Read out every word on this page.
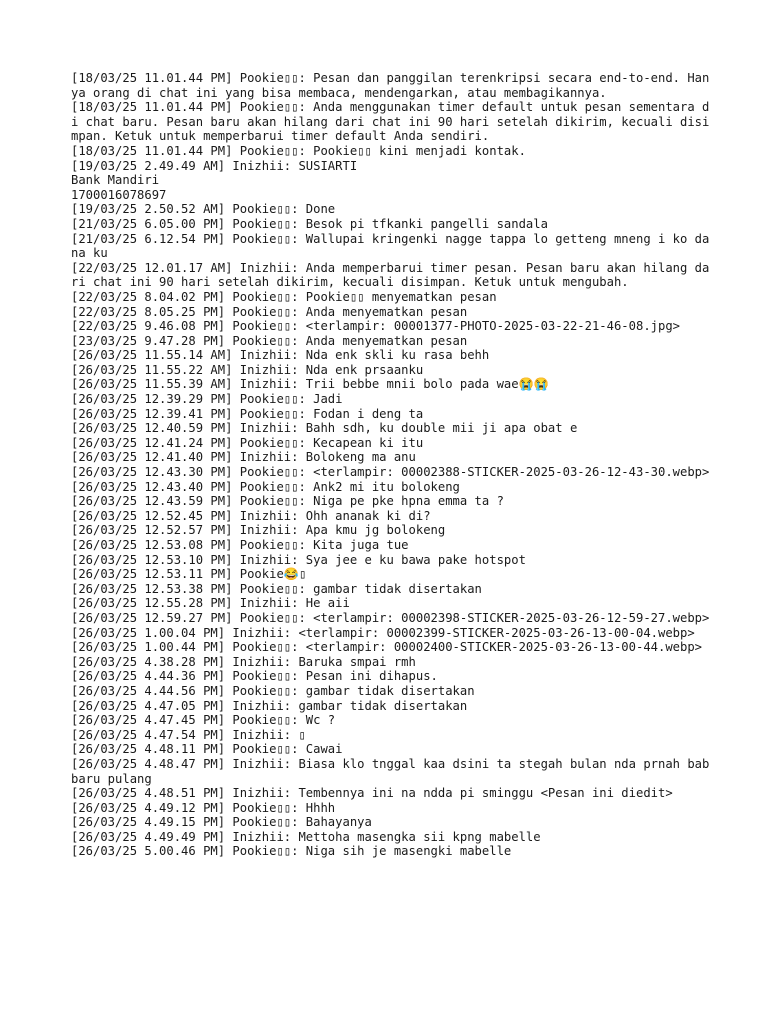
[18/03/25 11.01.44 PM] Pookie▯▯: Pesan dan panggilan terenkripsi secara end-to-end. Hanya orang di chat ini yang bisa membaca, mendengarkan, atau membagikannya.
[18/03/25 11.01.44 PM] Pookie▯▯: Anda menggunakan timer default untuk pesan sementara di chat baru. Pesan baru akan hilang dari chat ini 90 hari setelah dikirim, kecuali disimpan. Ketuk untuk memperbarui timer default Anda sendiri.
[18/03/25 11.01.44 PM] Pookie▯▯: Pookie▯▯ kini menjadi kontak.
[19/03/25 2.49.49 AM] Inizhii: SUSIARTI
Bank Mandiri
1700016078697
[19/03/25 2.50.52 AM] Pookie▯▯: Done
[21/03/25 6.05.00 PM] Pookie▯▯: Besok pi tfkanki pangelli sandala
[21/03/25 6.12.54 PM] Pookie▯▯: Wallupai kringenki nagge tappa lo getteng mneng i ko dana ku
[22/03/25 12.01.17 AM] Inizhii: Anda memperbarui timer pesan. Pesan baru akan hilang dari chat ini 90 hari setelah dikirim, kecuali disimpan. Ketuk untuk mengubah.
[22/03/25 8.04.02 PM] Pookie▯▯: Pookie▯▯ menyematkan pesan
[22/03/25 8.05.25 PM] Pookie▯▯: Anda menyematkan pesan
[22/03/25 9.46.08 PM] Pookie▯▯: <terlampir: 00001377-PHOTO-2025-03-22-21-46-08.jpg>
[23/03/25 9.47.28 PM] Pookie▯▯: Anda menyematkan pesan
[26/03/25 11.55.14 AM] Inizhii: Nda enk skli ku rasa behh
[26/03/25 11.55.22 AM] Inizhii: Nda enk prsaanku
[26/03/25 11.55.39 AM] Inizhii: Trii bebbe mnii bolo pada wae😭😭
[26/03/25 12.39.29 PM] Pookie▯▯: Jadi
[26/03/25 12.39.41 PM] Pookie▯▯: Fodan i deng ta
[26/03/25 12.40.59 PM] Inizhii: Bahh sdh, ku double mii ji apa obat e
[26/03/25 12.41.24 PM] Pookie▯▯: Kecapean ki itu
[26/03/25 12.41.40 PM] Inizhii: Bolokeng ma anu
[26/03/25 12.43.30 PM] Pookie▯▯: <terlampir: 00002388-STICKER-2025-03-26-12-43-30.webp>
[26/03/25 12.43.40 PM] Pookie▯▯: Ank2 mi itu bolokeng
[26/03/25 12.43.59 PM] Pookie▯▯: Niga pe pke hpna emma ta ?
[26/03/25 12.52.45 PM] Inizhii: Ohh ananak ki di?
[26/03/25 12.52.57 PM] Inizhii: Apa kmu jg bolokeng
[26/03/25 12.53.08 PM] Pookie▯▯: Kita juga tue
[26/03/25 12.53.10 PM] Inizhii: Sya jee e ku bawa pake hotspot
[26/03/25 12.53.11 PM] Pookie😂▯
[26/03/25 12.53.38 PM] Pookie▯▯: gambar tidak disertakan
[26/03/25 12.55.28 PM] Inizhii: He aii
[26/03/25 12.59.27 PM] Pookie▯▯: <terlampir: 00002398-STICKER-2025-03-26-12-59-27.webp>
[26/03/25 1.00.04 PM] Inizhii: <terlampir: 00002399-STICKER-2025-03-26-13-00-04.webp>
[26/03/25 1.00.44 PM] Pookie▯▯: <terlampir: 00002400-STICKER-2025-03-26-13-00-44.webp>
[26/03/25 4.38.28 PM] Inizhii: Baruka smpai rmh
[26/03/25 4.44.36 PM] Pookie▯▯: Pesan ini dihapus.
[26/03/25 4.44.56 PM] Pookie▯▯: gambar tidak disertakan
[26/03/25 4.47.05 PM] Inizhii: gambar tidak disertakan
[26/03/25 4.47.45 PM] Pookie▯▯: Wc ?
[26/03/25 4.47.54 PM] Inizhii: ▯
[26/03/25 4.48.11 PM] Pookie▯▯: Cawai
[26/03/25 4.48.47 PM] Inizhii: Biasa klo tnggal kaa dsini ta stegah bulan nda prnah bab baru pulang
[26/03/25 4.48.51 PM] Inizhii: Tembennya ini na ndda pi sminggu <Pesan ini diedit>
[26/03/25 4.49.12 PM] Pookie▯▯: Hhhh
[26/03/25 4.49.15 PM] Pookie▯▯: Bahayanya
[26/03/25 4.49.49 PM] Inizhii: Mettoha masengka sii kpng mabelle
[26/03/25 5.00.46 PM] Pookie▯▯: Niga sih je masengki mabelle
